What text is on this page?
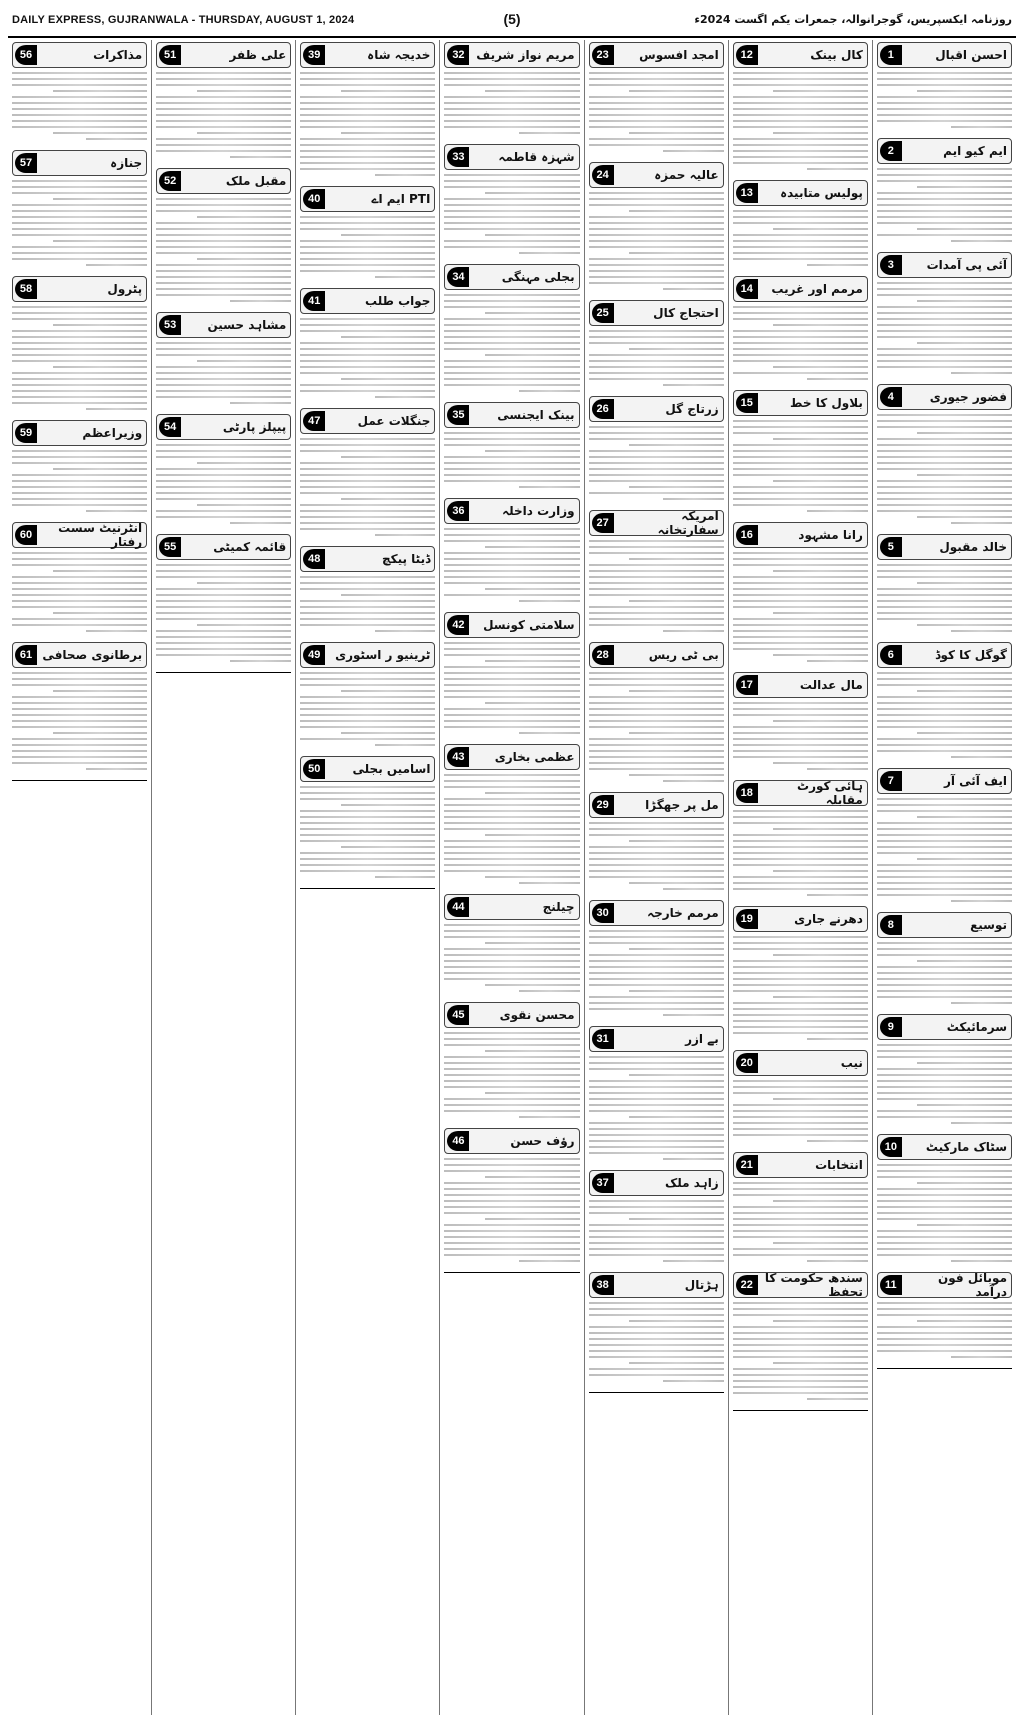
DAILY EXPRESS, GUJRANWALA - THURSDAY, AUGUST 1, 2024	(5)	روزنامہ ایکسپریس، گوجرانوالہ، جمعرات یکم اگست 2024ء
احسن اقبال
1
ایم کیو ایم
2
آئی پی آمدات
3
فضور جیوری
4
خالد مقبول
5
گوگل کا کوڈ
6
ایف آئی آر
7
توسیع
8
سرمائیکٹ
9
سٹاک مارکیٹ
10
موبائل فون درآمد
11
کال بینک
12
پولیس متابیدہ
13
مرمم اور غریب
14
بلاول کا خط
15
رانا مشہود
16
مال عدالت
17
ہائی کورٹ مقابلہ
18
دھرنے جاری
19
نیب
20
انتخابات
21
سندھ حکومت کا تحفظ
22
امجد افسوس
23
عالیہ حمزہ
24
احتجاج کال
25
زرتاج گل
26
امریکہ سفارتخانہ
27
بی ٹی ریس
28
مل پر جھگڑا
29
مرمم خارجہ
30
بے ازر
31
زاہد ملک
37
ہڑتال
38
مریم نواز شریف
32
شہزہ قاطمہ
33
بجلی مہنگی
34
بینک ایجنسی
35
وزارت داخلہ
36
سلامتی کونسل
42
عظمی بخاری
43
چیلنج
44
محسن نقوی
45
رؤف حسن
46
خدیجہ شاہ
39
PTI ایم اے
40
جواب طلب
41
جنگلات عمل
47
ڈیٹا پیکچ
48
ٹرینیو ر اسٹوری
49
اسامیں بجلی
50
علی ظفر
51
مقبل ملک
52
مشاہد حسین
53
پیپلز پارٹی
54
قائمہ کمیٹی
55
مذاکرات
56
جنازہ
57
پٹرول
58
وزیراعظم
59
انٹرنیٹ سست رفتار
60
برطانوی صحافی
61
